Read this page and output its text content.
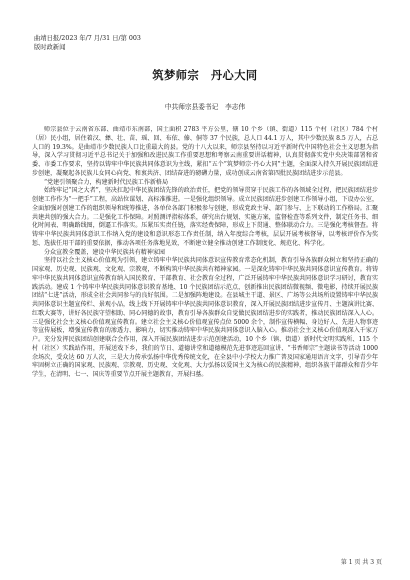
曲靖日报/2023 年/7 月/31 日/第 003
版时政新闻
筑梦师宗　丹心大同
中共师宗县委书记　李志伟

师宗县位于云南省东部、曲靖市东南部，国土面积 2783 平方公里，辖 10 个乡（镇、街道）115 个村（社区）784 个村（居）民小组，居住着汉、彝、壮、苗、瑶、回、布依、傣、侗等 37 个民族，总人口 44.1 万人，其中少数民族 8.5 万人，占总人口的 19.3%。是曲靖市少数民族人口比重最大的县。党的十八大以来，师宗县坚持以习近平新时代中国特色社会主义思想为指导，深入学习贯彻习近平总书记关于加强和改进民族工作重要思想和考察云南重要讲话精神，认真贯彻落实党中央决策部署和省委、市委工作要求，坚持以铸牢中华民族共同体意识为主线，紧扣“五个”筑梦师宗·丹心大同”主题，全面深入持久开展民族团结进步创建，凝聚起各民族儿女同心向党、和衷共济、团结奋进的磅礴力量，成功创成云南省第四批民族团结进步示范县。

“党建引领聚合力，构建新时代民族工作新格局

始终牢记“国之大者”，坚决扛起中华民族团结先锋的政治责任，把党的领导贯穿于民族工作的各领域全过程，把民族团结进步创建工作作为“一把手”工程，高站位谋划、高标准推进。一是强化组织领导。成立民族团结进步创建工作领导小组，下设办公室，全面加强对创建工作的组织领导和统筹推进，各单位各部门积极参与创建，形成党政主导、部门参与、上下联动的工作格局。汇聚共建共创的强大合力。二是强化工作保障。对照测评指标体系，研究出台规划、实施方案，监督检查等系列文件，制定任务书、细化时间表、明确路线图，倒逼工作落实。压紧压实责任链，落实经费保障，形成上下贯通、整体联动合力。三是强化考核督查。将铸牢中华民族共同体意识工作纳入党的建设和意识形态工作责任制，纳入年度综合考核，层层开展考核督导，以考核评价作为奖惩、选拔任用干部的重要依据，推动各项任务落地见效，不断建立健全推动创建工作制度化、规范化、科学化。

分众宣教全覆盖，建设中华民族共有精神家园

坚持以社会主义核心价值观为引领，建立铸牢中华民族共同体意识宣传教育常态化机制，教育引导各族群众树立和坚持正确的国家观、历史观、民族观、文化观、宗教观，不断构筑中华民族共有精神家园。一是深化铸牢中华民族共同体意识宣传教育。将铸牢中华民族共同体意识宣传教育纳入国民教育、干部教育、社会教育全过程，广泛开展铸牢中华民族共同体意识学习研讨，教育实践活动。建成 1 个铸牢中华民族共同体意识教育基地、10 个民族团结示范点，创新推出民族团结微视频、微电影，持续开展民族团结“七进”活动，形成全社会共同参与的良好氛围。二是加强阵地建设。在县城主干道、景区、广场等公共场所设置铸牢中华民族共同体意识主题宣传栏、景观小品，线上线下开展铸牢中华民族共同体意识教育，深入开展民族团结进步宣传月、主题演讲比赛、红歌大赛等，讲好各民族守望相助、同心同德的故事，教育引导各族群众自觉做民族团结进步的实践者，推动民族团结深入人心。三是强化社会主义核心价值观宣传教育。建立社会主义核心价值观宣传点位 5000 余个，制作宣传横幅、身边好人、先进人物事迹等宣传展板，增强宣传教育的渗透力、影响力，切实推动铸牢中华民族共同体意识入脑入心。推动社会主义核心价值观深入千家万户。充分发挥民族团结创建联合会作用，深入开展民族团结进步示范创建活动，10 个乡（镇、街道）新时代文明实践所、115 个村（社区）实践站作用，开展送戏下乡，我们的节日、道德讲堂和道德模范先进事迹巡回宣讲、“书香师宗”主题读书等活动 1000 余场次，受众达 60 万人次，三是大力传承弘扬中华优秀传统文化，在全县中小学校大力推广普及国家通用语言文字，引导青少年牢固树立正确的国家观、民族观、宗教观、历史观、文化观、大力弘扬以爱国主义为核心的民族精神，组织各族干部群众和青少年学生，在清明、七一、国庆等重要节点开展主题教育，开展扫墓。

第 1 页 共 3 页
